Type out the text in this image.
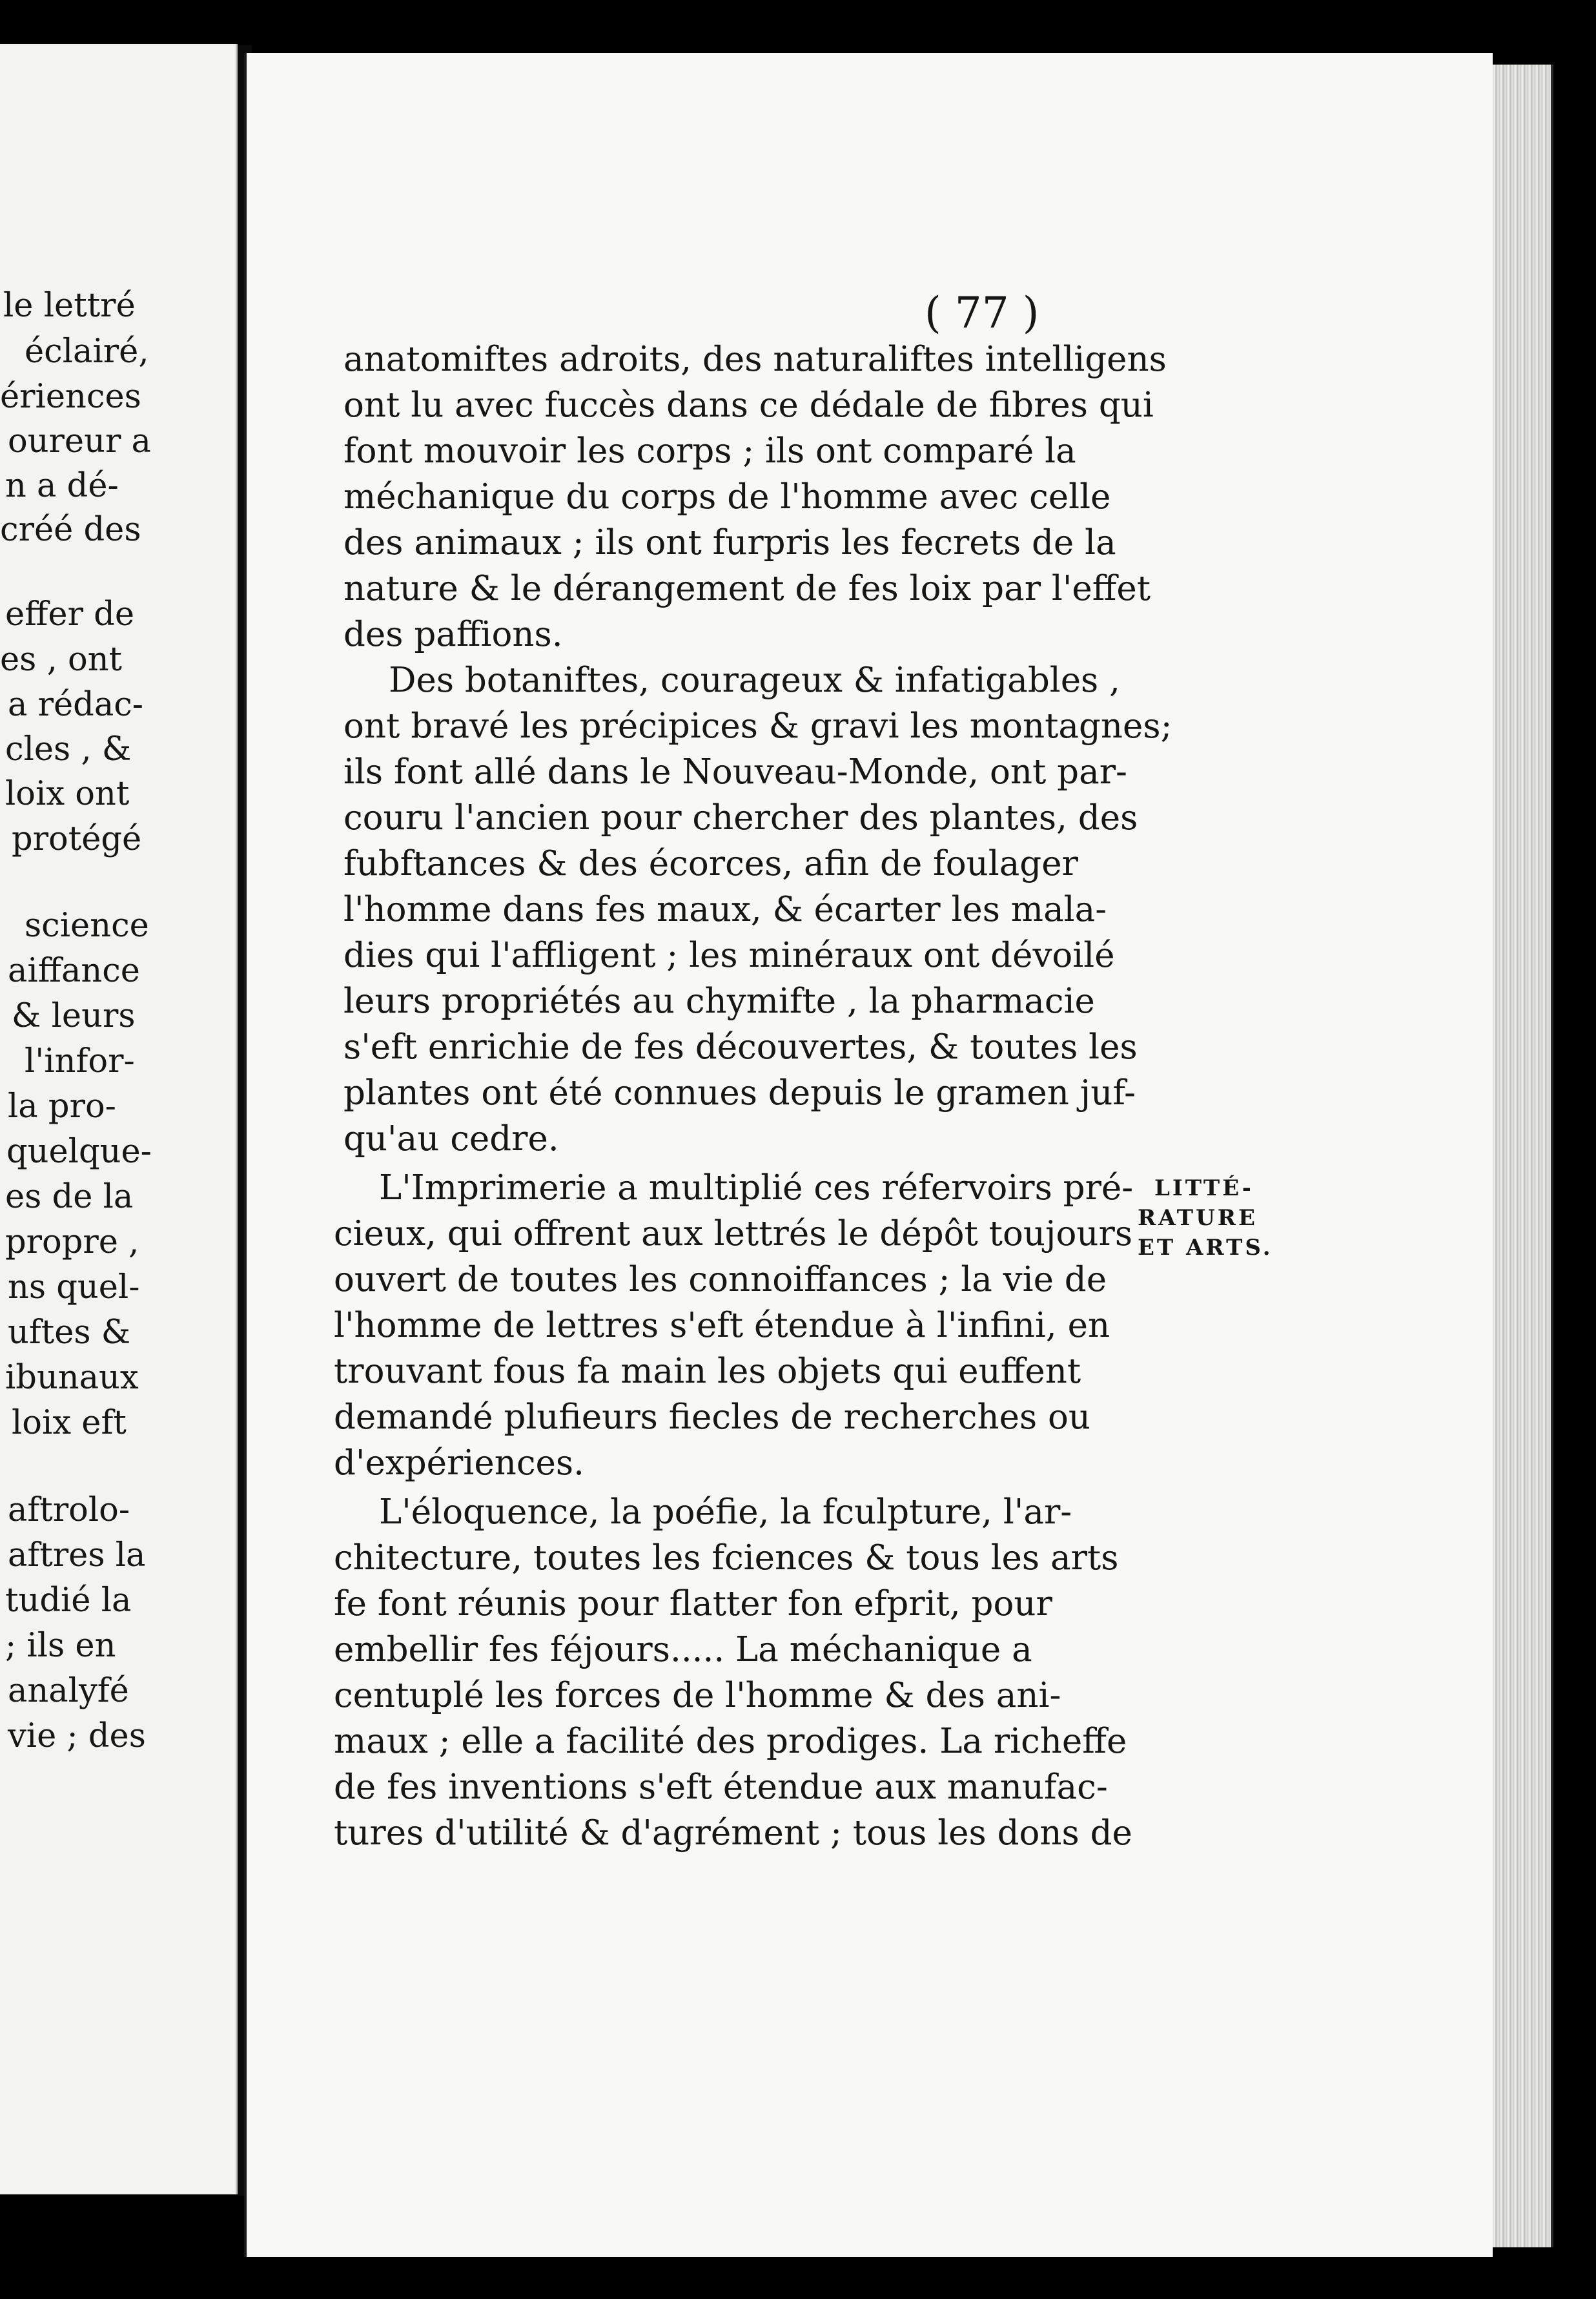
le lettré
éclairé,
ériences
oureur a
n a dé-
créé des
effer de
es , ont
a rédac-
cles , &
loix ont
protégé
science
aiffance
& leurs
l'infor-
la pro-
quelque-
es de la
propre ,
ns quel-
uftes &
ibunaux
loix eft
aftrolo-
aftres la
tudié la
; ils en
analyfé
vie ; des
( 77 )
anatomiftes adroits, des naturaliftes intelligens
ont lu avec fuccès dans ce dédale de fibres qui
font mouvoir les corps ; ils ont comparé la
méchanique du corps de l'homme avec celle
des animaux ; ils ont furpris les fecrets de la
nature & le dérangement de fes loix par l'effet
des paffions.
Des botaniftes, courageux & infatigables ,
ont bravé les précipices & gravi les montagnes;
ils font allé dans le Nouveau-Monde, ont par-
couru l'ancien pour chercher des plantes, des
fubftances & des écorces, afin de foulager
l'homme dans fes maux, & écarter les mala-
dies qui l'affligent ; les minéraux ont dévoilé
leurs propriétés au chymifte , la pharmacie
s'eft enrichie de fes découvertes, & toutes les
plantes ont été connues depuis le gramen juf-
qu'au cedre.
L'Imprimerie a multiplié ces réfervoirs pré-
cieux, qui offrent aux lettrés le dépôt toujours
ouvert de toutes les connoiffances ; la vie de
l'homme de lettres s'eft étendue à l'infini, en
trouvant fous fa main les objets qui euffent
demandé plufieurs fiecles de recherches ou
d'expériences.
L'éloquence, la poéfie, la fculpture, l'ar-
chitecture, toutes les fciences & tous les arts
fe font réunis pour flatter fon efprit, pour
embellir fes féjours..... La méchanique a
centuplé les forces de l'homme & des ani-
maux ; elle a facilité des prodiges. La richeffe
de fes inventions s'eft étendue aux manufac-
tures d'utilité & d'agrément ; tous les dons de
LITTÉ-
RATURE
ET ARTS.
